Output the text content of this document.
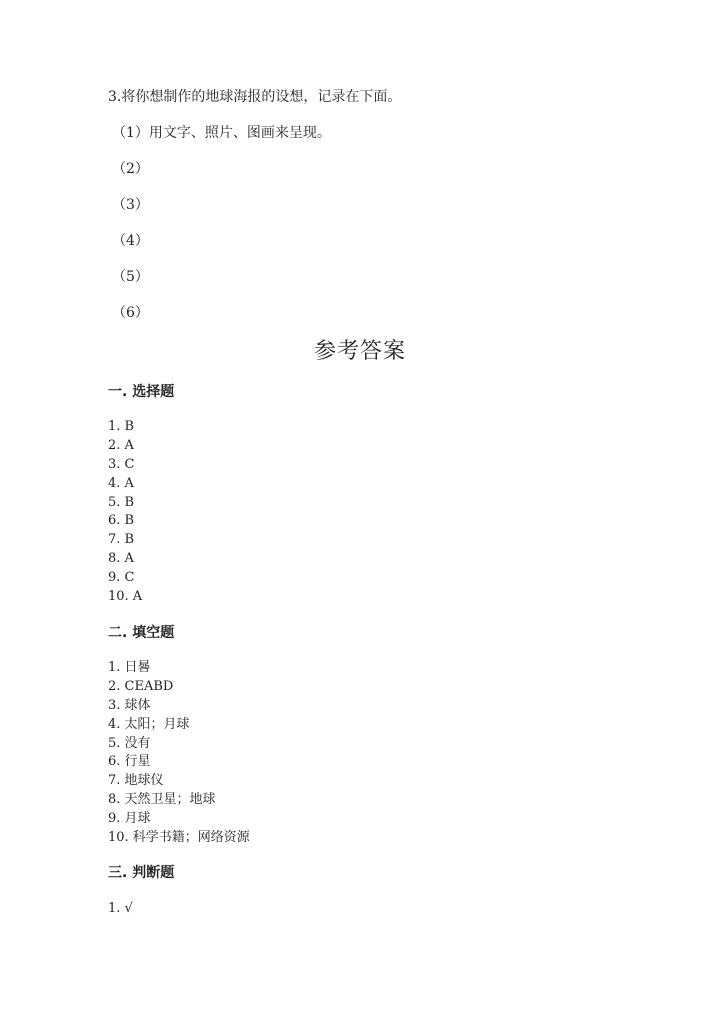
3.将你想制作的地球海报的设想，记录在下面。
（1）用文字、照片、图画来呈现。
（2）
（3）
（4）
（5）
（6）
参考答案
一. 选择题
1. B
2. A
3. C
4. A
5. B
6. B
7. B
8. A
9. C
10. A
二. 填空题
1. 日晷
2. CEABD
3. 球体
4. 太阳；月球
5. 没有
6. 行星
7. 地球仪
8. 天然卫星；地球
9. 月球
10. 科学书籍；网络资源
三. 判断题
1. √
